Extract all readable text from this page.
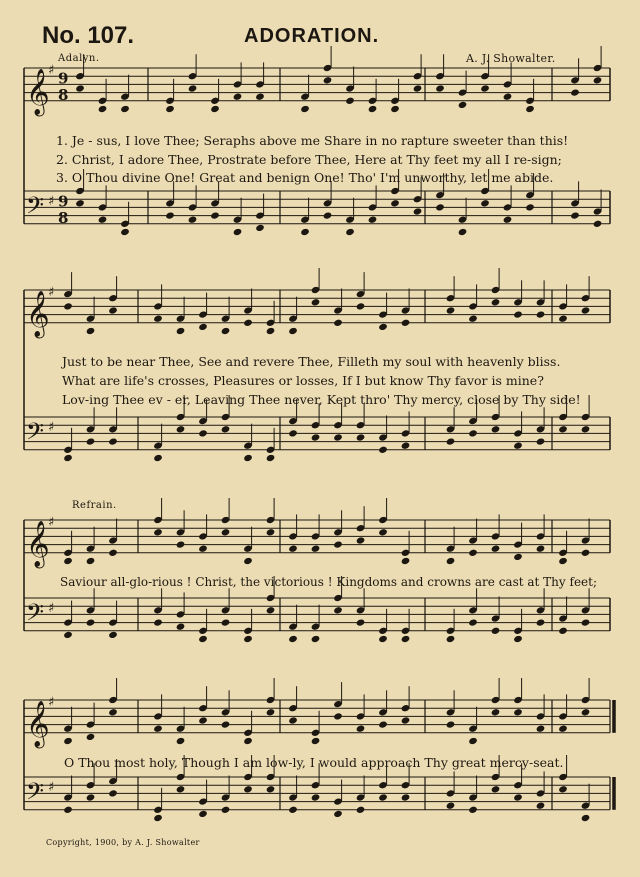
No. 107.	ADORATION.
Adalyn.	A. J. Showalter.
𝄞
♯ 9
8
𝄢 ♯ 9
8
𝄞
♯
𝄢 ♯
𝄞
♯
𝄢 ♯
𝄞
♯
𝄢 ♯
1. Je - sus, I love Thee; Seraphs above me Share in no rapture sweeter than this!
2. Christ, I adore Thee, Prostrate before Thee, Here at Thy feet my all I re-sign;
3. O Thou divine One! Great and benign One! Tho' I'm unworthy, let me abide.
Just to be near Thee, See and revere Thee, Filleth my soul with heavenly bliss.
What are life's crosses, Pleasures or losses, If I but know Thy favor is mine?
Lov-ing Thee ev - er, Leaving Thee never, Kept thro' Thy mercy, close by Thy side!
Refrain.
Saviour all-glo-rious ! Christ, the victorious ! Kingdoms and crowns are cast at Thy feet;
O Thou most holy, Though I am low-ly, I would approach Thy great mercy-seat.
Copyright, 1900, by A. J. Showalter
